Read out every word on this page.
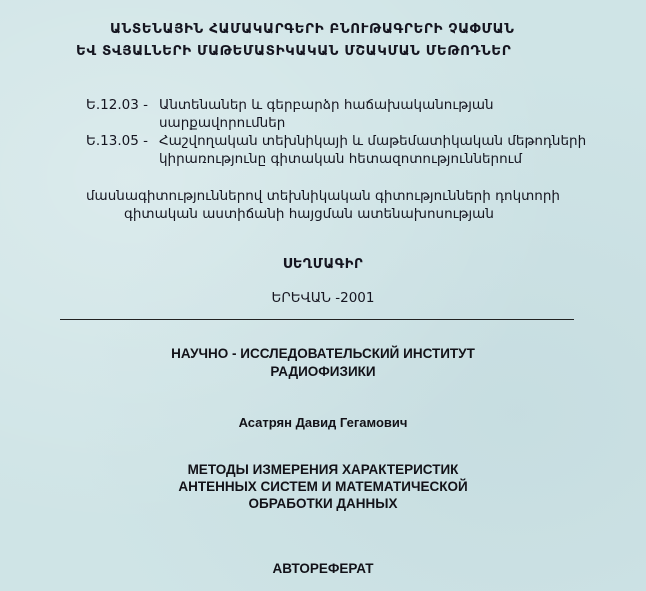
ԱՆՏԵՆԱՅԻՆ ՀԱՄԱԿԱՐԳԵՐԻ ԲՆՈՒԹԱԳՐԵՐԻ ՉԱՓՄԱՆ
ԵՎ ՏՎՅԱԼՆԵՐԻ ՄԱԹԵՄԱՏԻԿԱԿԱՆ ՄՇԱԿՄԱՆ ՄԵԹՈԴՆԵՐ
Ե.12.03 - Անտենաներ և գերբարձր հաճախականության
սարքավորումներ
Ե.13.05 - Հաշվողական տեխնիկայի և մաթեմատիկական մեթոդների
կիրառությունը գիտական հետազոտություններում
մասնագիտություններով տեխնիկական գիտությունների դոկտորի
գիտական աստիճանի հայցման ատենախոսության
ՍԵՂՄԱԳԻՐ
ԵՐԵՎԱՆ -2001
НАУЧНО - ИССЛЕДОВАТЕЛЬСКИЙ ИНСТИТУТ
РАДИОФИЗИКИ
Асатрян Давид Гегамович
МЕТОДЫ ИЗМЕРЕНИЯ ХАРАКТЕРИСТИК
АНТЕННЫХ СИСТЕМ И МАТЕМАТИЧЕСКОЙ
ОБРАБОТКИ ДАННЫХ
АВТОРЕФЕРАТ
